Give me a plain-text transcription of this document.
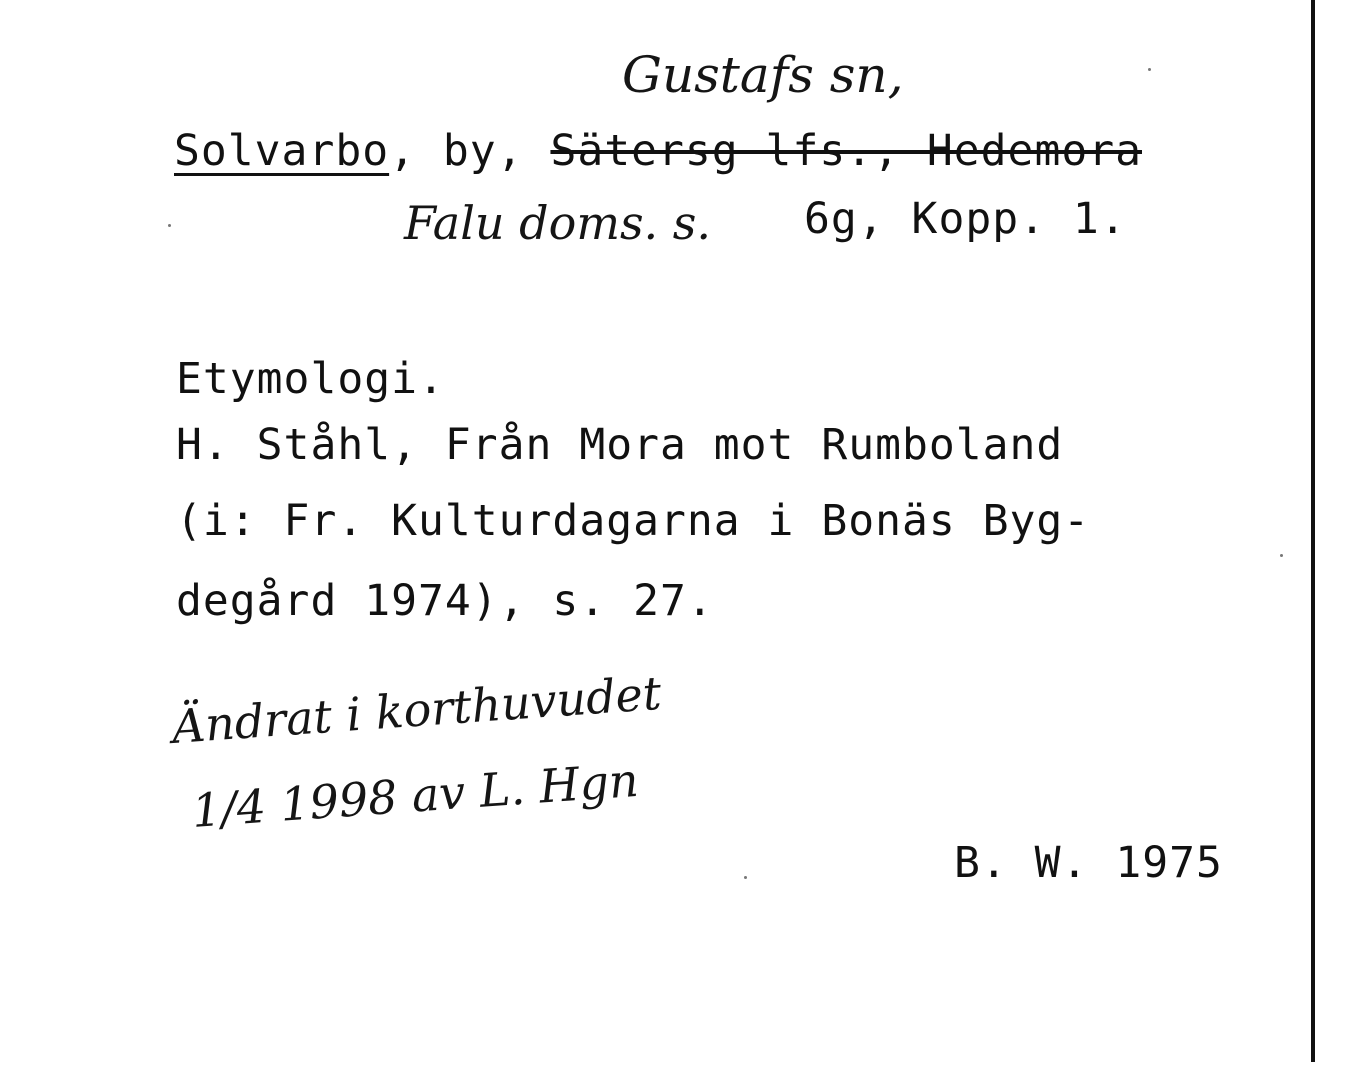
Gustafs sn,
Solvarbo, by, Sätersg lfs., Hedemora
Falu doms. s. 6g, Kopp. 1.
Etymologi.
H. Ståhl, Från Mora mot Rumboland
(i: Fr. Kulturdagarna i Bonäs Byg-
degård 1974), s. 27.
Ändrat i korthuvudet
1/4 1998 av L. Hgn
B. W. 1975
